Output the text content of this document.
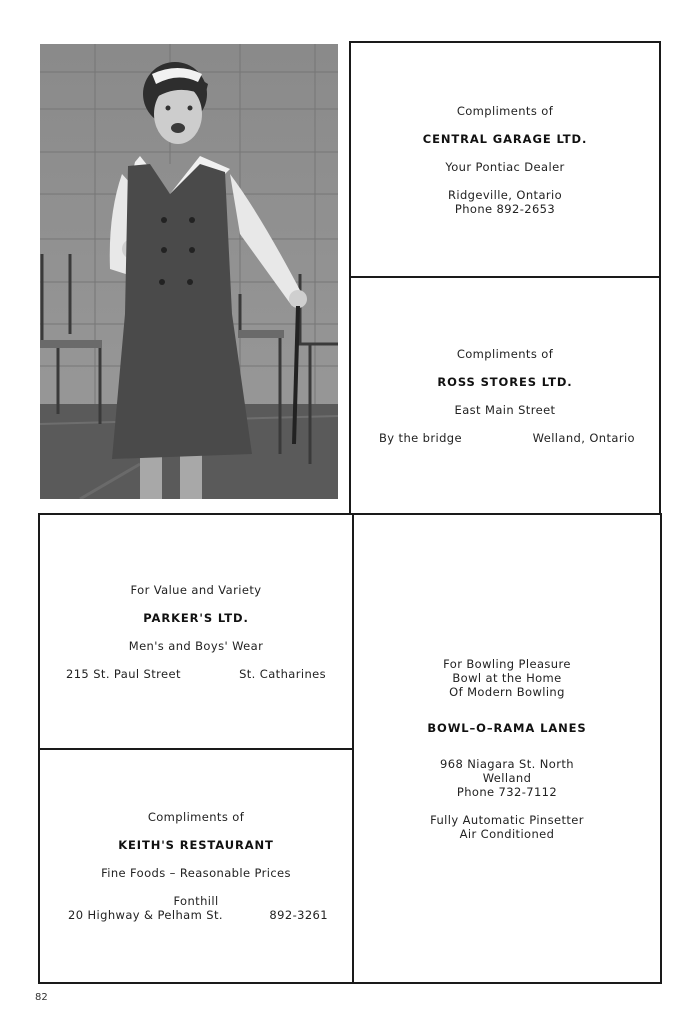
Compliments of
CENTRAL GARAGE LTD.
Your Pontiac Dealer
Ridgeville, Ontario
Phone 892-2653
Compliments of
ROSS STORES LTD.
East Main Street
By the bridge	Welland, Ontario
For Value and Variety
PARKER'S LTD.
Men's and Boys' Wear
215 St. Paul Street	St. Catharines
Compliments of
KEITH'S RESTAURANT
Fine Foods – Reasonable Prices
Fonthill
20 Highway & Pelham St.	892-3261
For Bowling Pleasure
Bowl at the Home
Of Modern Bowling
BOWL–O–RAMA LANES
968 Niagara St. North
Welland
Phone 732-7112
Fully Automatic Pinsetter
Air Conditioned
82
